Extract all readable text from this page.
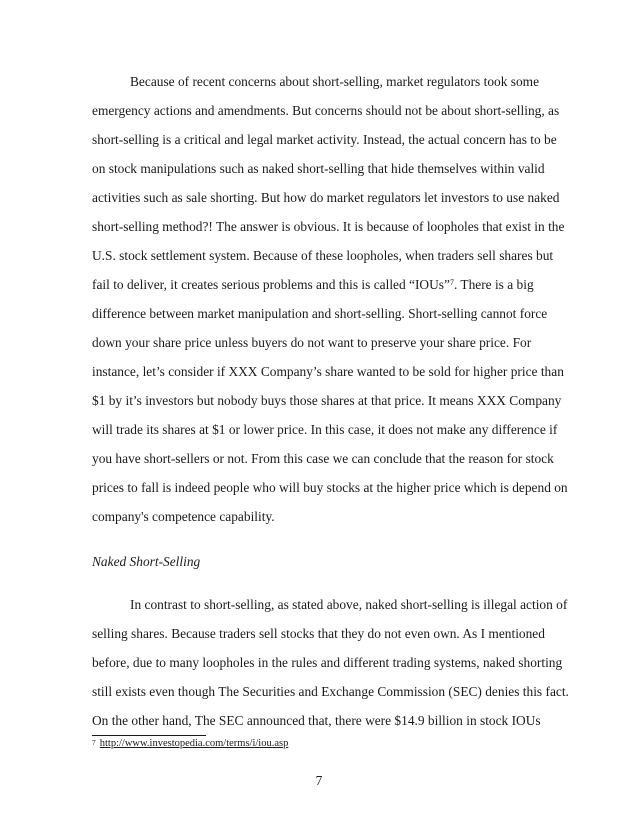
Because of recent concerns about short-selling, market regulators took some
emergency actions and amendments. But concerns should not be about short-selling, as
short-selling is a critical and legal market activity. Instead, the actual concern has to be
on stock manipulations such as naked short-selling that hide themselves within valid
activities such as sale shorting. But how do market regulators let investors to use naked
short-selling method?! The answer is obvious. It is because of loopholes that exist in the
U.S. stock settlement system. Because of these loopholes, when traders sell shares but
fail to deliver, it creates serious problems and this is called “IOUs”$^7$. There is a big
difference between market manipulation and short-selling. Short-selling cannot force
down your share price unless buyers do not want to preserve your share price. For
instance, let’s consider if XXX Company’s share wanted to be sold for higher price than
$1 by it’s investors but nobody buys those shares at that price. It means XXX Company
will trade its shares at $1 or lower price. In this case, it does not make any difference if
you have short-sellers or not. From this case we can conclude that the reason for stock
prices to fall is indeed people who will buy stocks at the higher price which is depend on
company's competence capability.
Naked Short-Selling
In contrast to short-selling, as stated above, naked short-selling is illegal action of
selling shares. Because traders sell stocks that they do not even own. As I mentioned
before, due to many loopholes in the rules and different trading systems, naked shorting
still exists even though The Securities and Exchange Commission (SEC) denies this fact.
On the other hand, The SEC announced that, there were $14.9 billion in stock IOUs
$^7$ http://www.investopedia.com/terms/i/iou.asp
7
